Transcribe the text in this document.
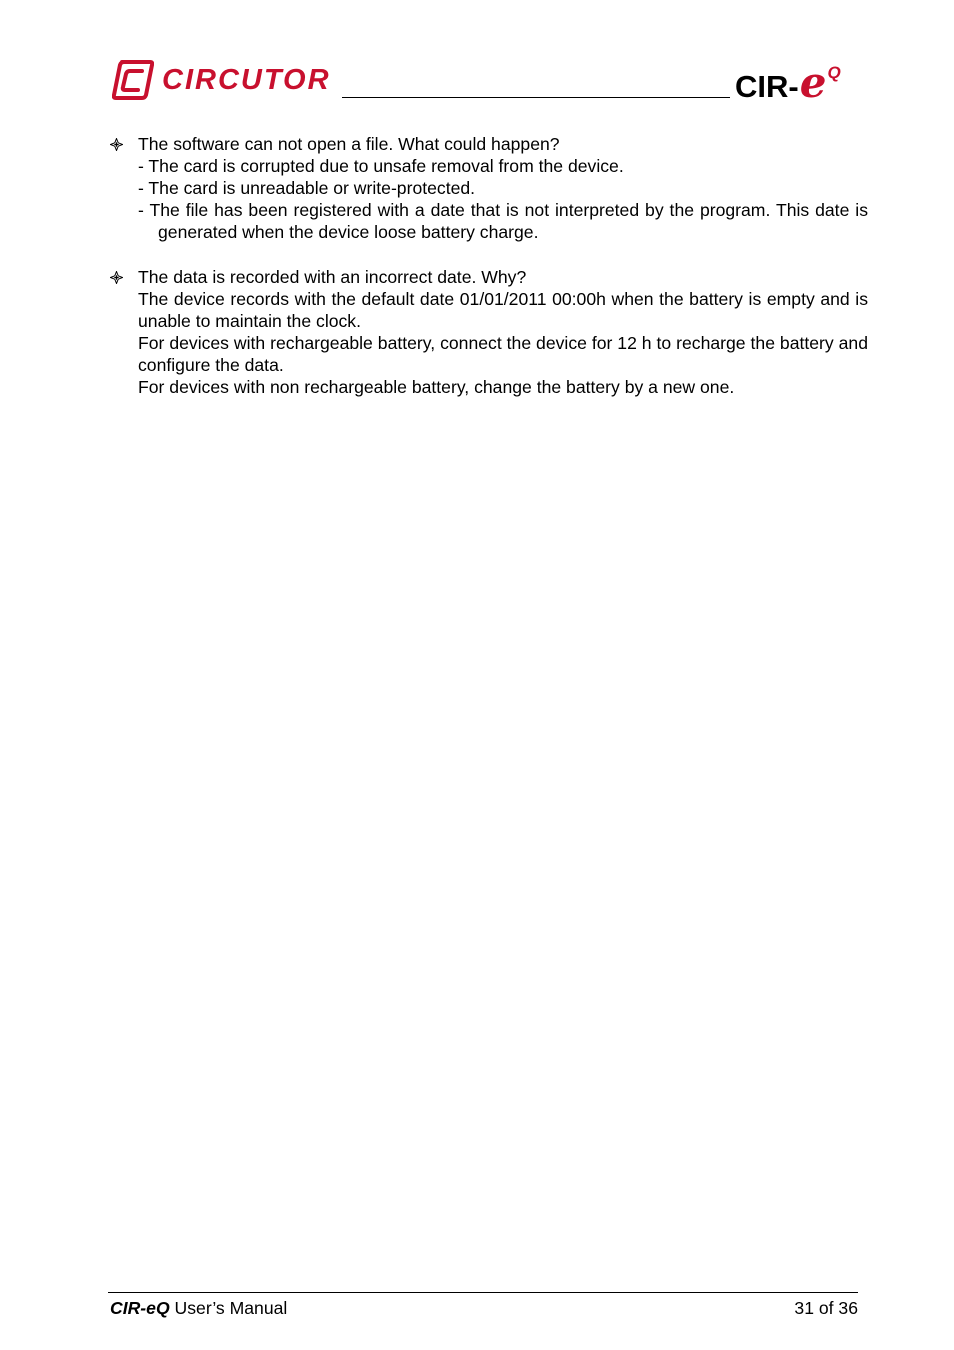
CIRCUTOR	CIR- e Q
The software can not open a file. What could happen?
- The card is corrupted due to unsafe removal from the device.
- The card is unreadable or write-protected.
- The file has been registered with a date that is not interpreted by the program. This date is generated when the device loose battery charge.
The data is recorded with an incorrect date. Why?
The device records with the default date 01/01/2011 00:00h when the battery is empty and is unable to maintain the clock.
For devices with rechargeable battery, connect the device for 12 h to recharge the battery and configure the data.
For devices with non rechargeable battery, change the battery by a new one.
CIR-eQ User’s Manual	31 of 36
